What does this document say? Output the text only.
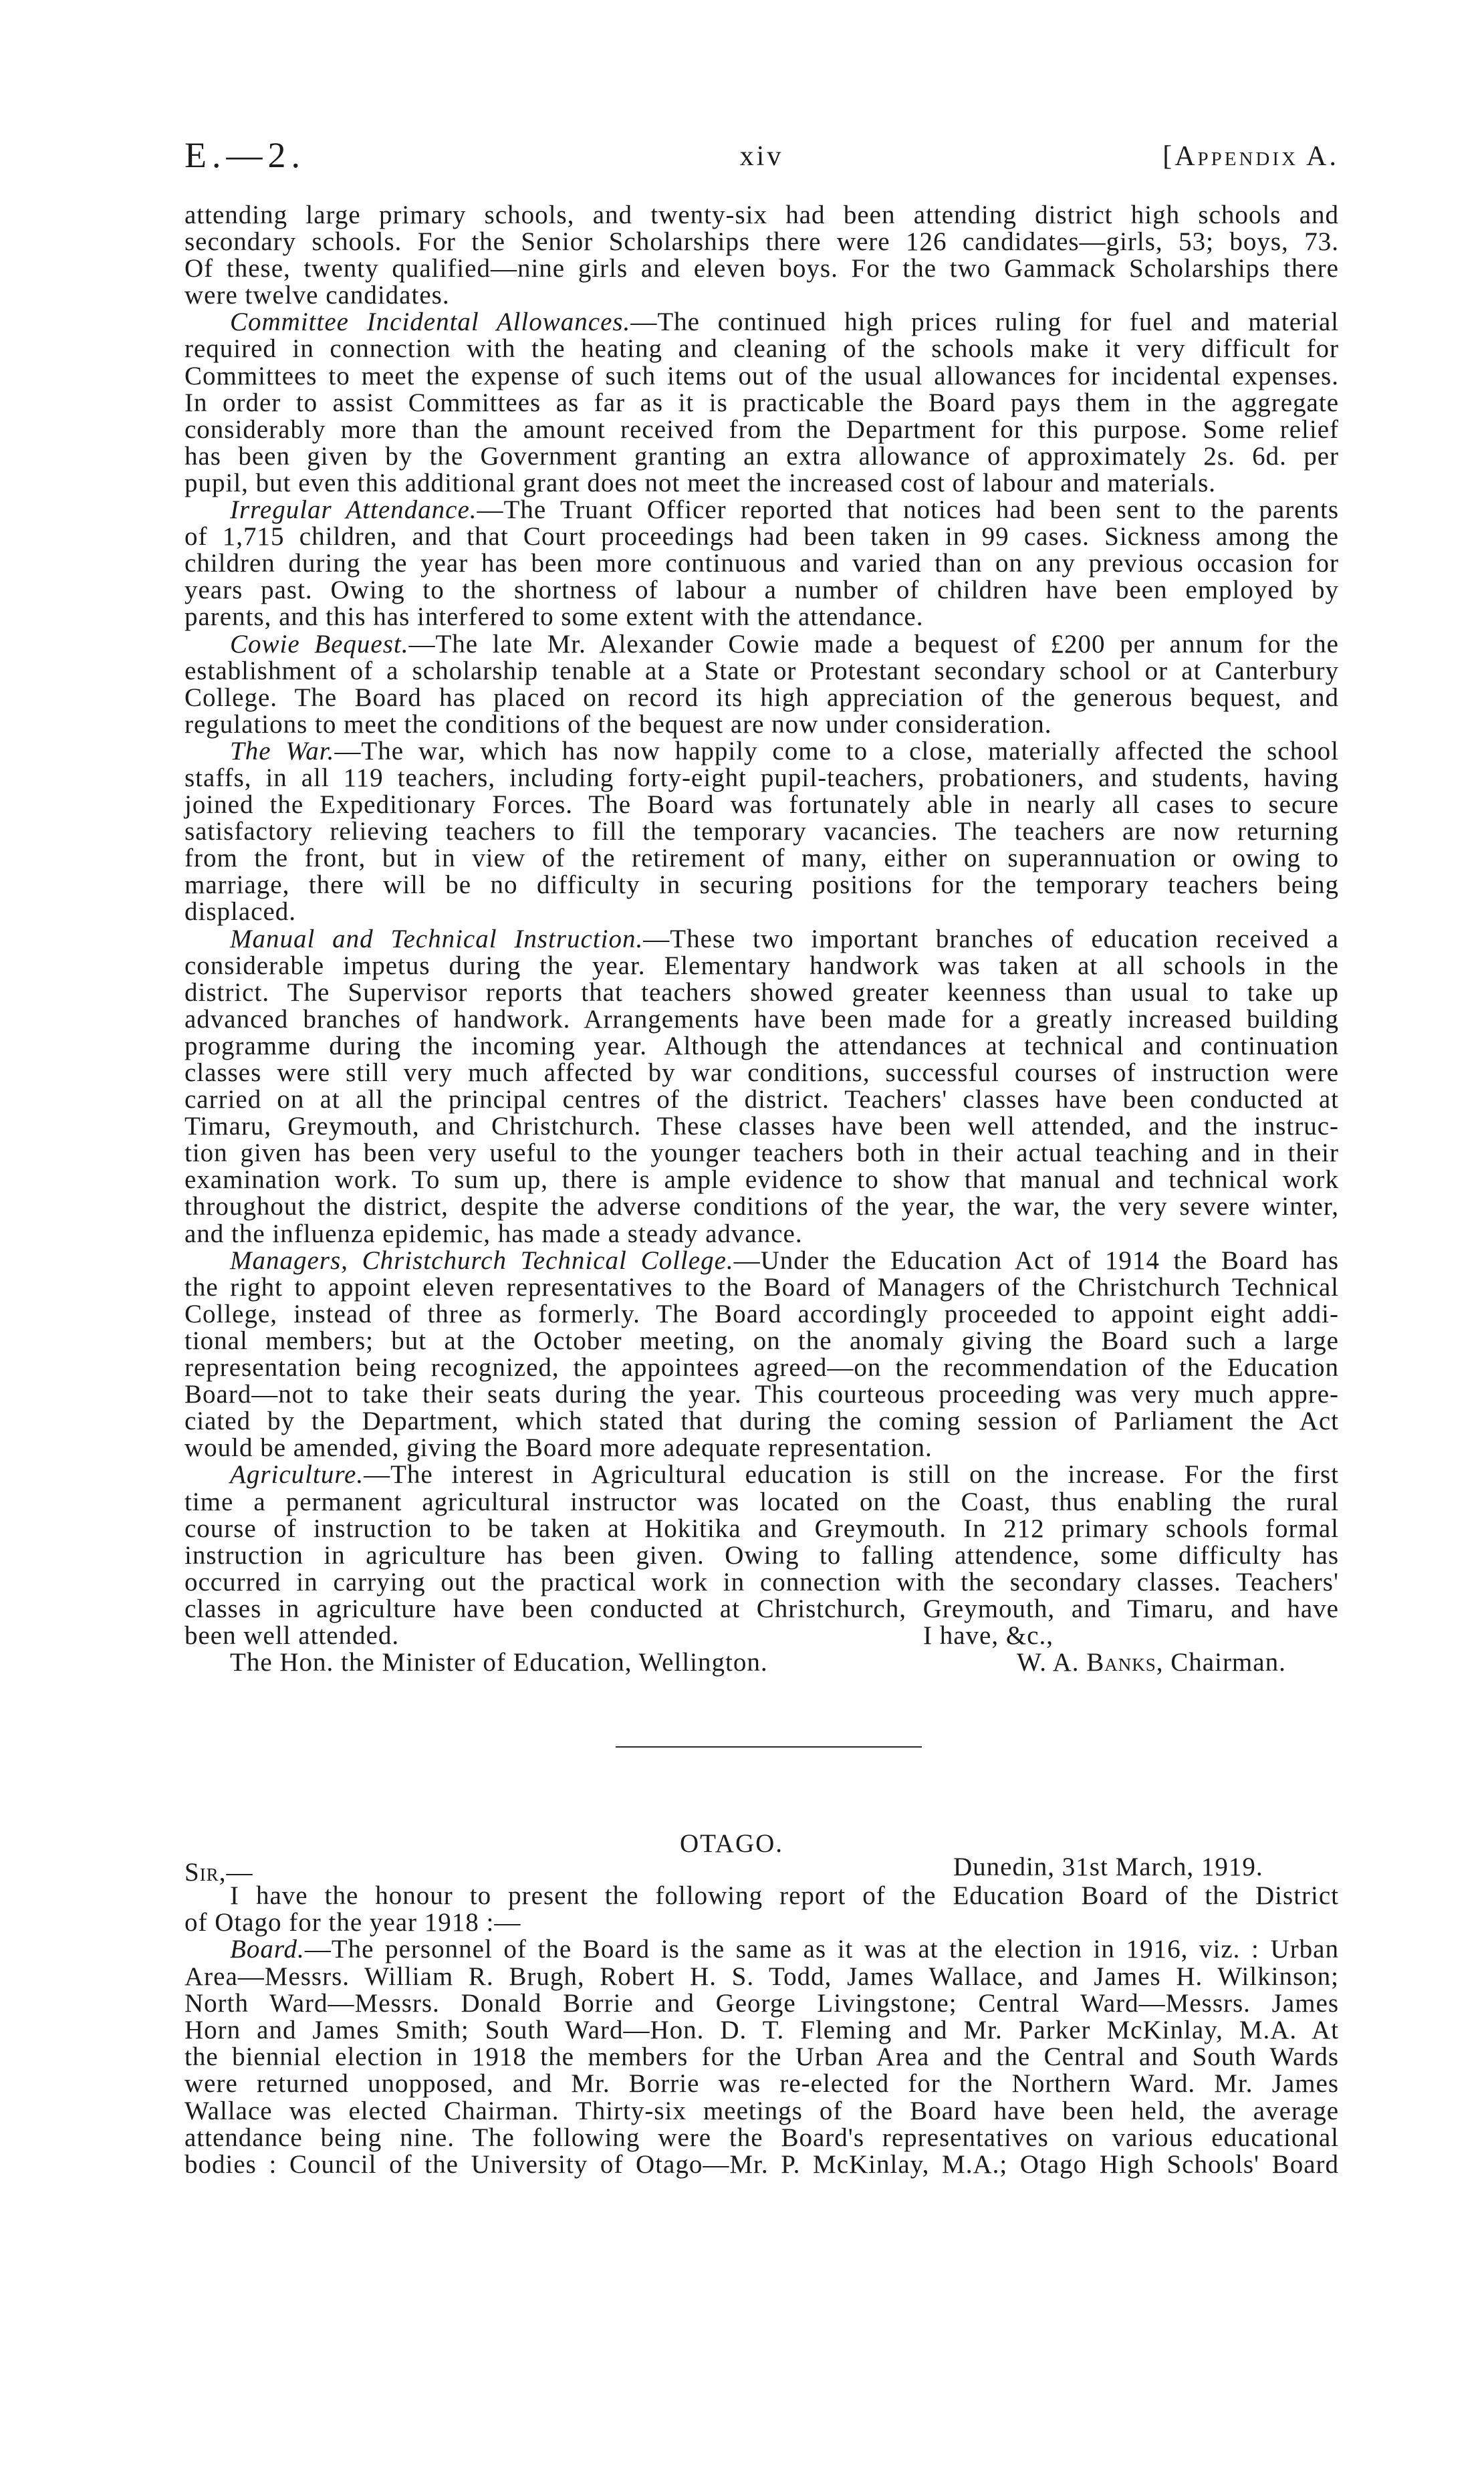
E.—2.	xiv	[Appendix A.
attending large primary schools, and twenty-six had been attending district high schools and
secondary schools. For the Senior Scholarships there were 126 candidates—girls, 53; boys, 73.
Of these, twenty qualified—nine girls and eleven boys. For the two Gammack Scholarships there
were twelve candidates.
Committee Incidental Allowances.—The continued high prices ruling for fuel and material
required in connection with the heating and cleaning of the schools make it very difficult for
Committees to meet the expense of such items out of the usual allowances for incidental expenses.
In order to assist Committees as far as it is practicable the Board pays them in the aggregate
considerably more than the amount received from the Department for this purpose. Some relief
has been given by the Government granting an extra allowance of approximately 2s. 6d. per
pupil, but even this additional grant does not meet the increased cost of labour and materials.
Irregular Attendance.—The Truant Officer reported that notices had been sent to the parents
of 1,715 children, and that Court proceedings had been taken in 99 cases. Sickness among the
children during the year has been more continuous and varied than on any previous occasion for
years past. Owing to the shortness of labour a number of children have been employed by
parents, and this has interfered to some extent with the attendance.
Cowie Bequest.—The late Mr. Alexander Cowie made a bequest of £200 per annum for the
establishment of a scholarship tenable at a State or Protestant secondary school or at Canterbury
College. The Board has placed on record its high appreciation of the generous bequest, and
regulations to meet the conditions of the bequest are now under consideration.
The War.—The war, which has now happily come to a close, materially affected the school
staffs, in all 119 teachers, including forty-eight pupil-teachers, probationers, and students, having
joined the Expeditionary Forces. The Board was fortunately able in nearly all cases to secure
satisfactory relieving teachers to fill the temporary vacancies. The teachers are now returning
from the front, but in view of the retirement of many, either on superannuation or owing to
marriage, there will be no difficulty in securing positions for the temporary teachers being
displaced.
Manual and Technical Instruction.—These two important branches of education received a
considerable impetus during the year. Elementary handwork was taken at all schools in the
district. The Supervisor reports that teachers showed greater keenness than usual to take up
advanced branches of handwork. Arrangements have been made for a greatly increased building
programme during the incoming year. Although the attendances at technical and continuation
classes were still very much affected by war conditions, successful courses of instruction were
carried on at all the principal centres of the district. Teachers' classes have been conducted at
Timaru, Greymouth, and Christchurch. These classes have been well attended, and the instruc-
tion given has been very useful to the younger teachers both in their actual teaching and in their
examination work. To sum up, there is ample evidence to show that manual and technical work
throughout the district, despite the adverse conditions of the year, the war, the very severe winter,
and the influenza epidemic, has made a steady advance.
Managers, Christchurch Technical College.—Under the Education Act of 1914 the Board has
the right to appoint eleven representatives to the Board of Managers of the Christchurch Technical
College, instead of three as formerly. The Board accordingly proceeded to appoint eight addi-
tional members; but at the October meeting, on the anomaly giving the Board such a large
representation being recognized, the appointees agreed—on the recommendation of the Education
Board—not to take their seats during the year. This courteous proceeding was very much appre-
ciated by the Department, which stated that during the coming session of Parliament the Act
would be amended, giving the Board more adequate representation.
Agriculture.—The interest in Agricultural education is still on the increase. For the first
time a permanent agricultural instructor was located on the Coast, thus enabling the rural
course of instruction to be taken at Hokitika and Greymouth. In 212 primary schools formal
instruction in agriculture has been given. Owing to falling attendence, some difficulty has
occurred in carrying out the practical work in connection with the secondary classes. Teachers'
classes in agriculture have been conducted at Christchurch, Greymouth, and Timaru, and have
been well attended.	I have, &c.,
The Hon. the Minister of Education, Wellington.	W. A. Banks, Chairman.
OTAGO.
Sir,—	Dunedin, 31st March, 1919.
I have the honour to present the following report of the Education Board of the District
of Otago for the year 1918 :—
Board.—The personnel of the Board is the same as it was at the election in 1916, viz. : Urban
Area—Messrs. William R. Brugh, Robert H. S. Todd, James Wallace, and James H. Wilkinson;
North Ward—Messrs. Donald Borrie and George Livingstone; Central Ward—Messrs. James
Horn and James Smith; South Ward—Hon. D. T. Fleming and Mr. Parker McKinlay, M.A. At
the biennial election in 1918 the members for the Urban Area and the Central and South Wards
were returned unopposed, and Mr. Borrie was re-elected for the Northern Ward. Mr. James
Wallace was elected Chairman. Thirty-six meetings of the Board have been held, the average
attendance being nine. The following were the Board's representatives on various educational
bodies : Council of the University of Otago—Mr. P. McKinlay, M.A.; Otago High Schools' Board
